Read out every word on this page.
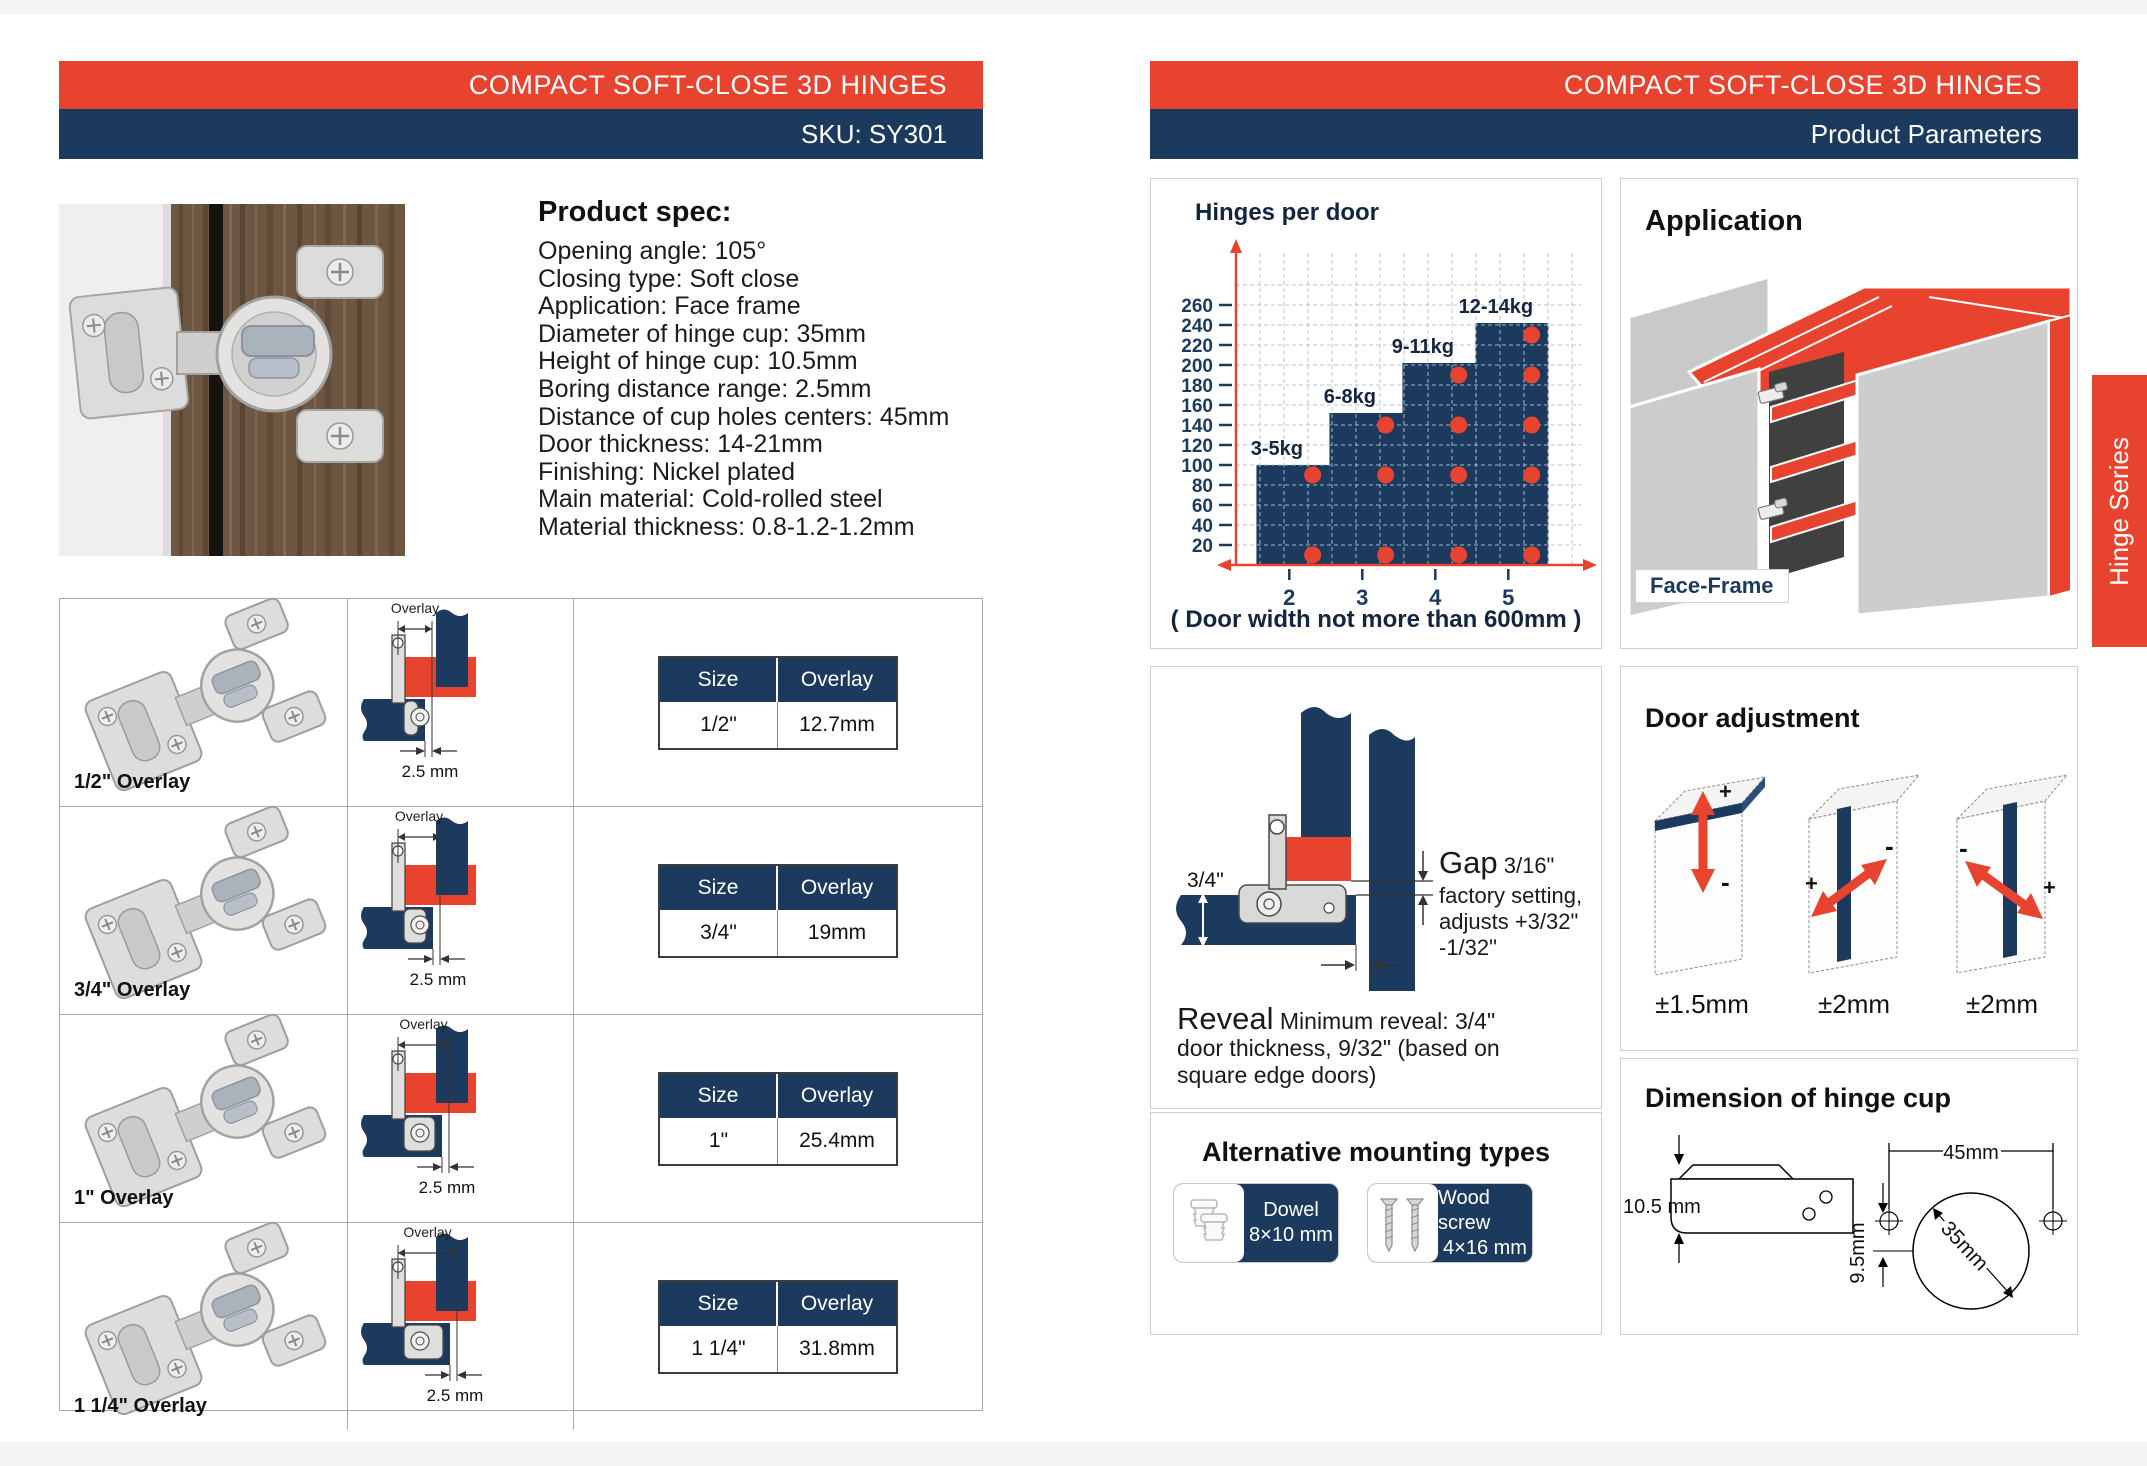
COMPACT SOFT-CLOSE 3D HINGES
SKU: SY301
Product spec:
Opening angle: 105°
Closing type: Soft close
Application: Face frame
Diameter of hinge cup: 35mm
Height of hinge cup: 10.5mm
Boring distance range: 2.5mm
Distance of cup holes centers: 45mm
Door thickness: 14-21mm
Finishing: Nickel plated
Main material: Cold-rolled steel
Material thickness: 0.8-1.2-1.2mm
1/2" Overlay
Overlay
2.5 mm
Size	Overlay
1/2"	12.7mm
3/4" Overlay
Overlay
2.5 mm
Size	Overlay
3/4"	19mm
1" Overlay
Overlay
2.5 mm
Size	Overlay
1"	25.4mm
1 1/4" Overlay
Overlay
2.5 mm
Size	Overlay
1 1/4"	31.8mm
COMPACT SOFT-CLOSE 3D HINGES
Product Parameters
Hinges per door
20
40
60
80
100
120
140
160
180
200
220
240
260
2	3	4	5
3-5kg
6-8kg
9-11kg
12-14kg
( Door width not more than 600mm )
Application
Face-Frame
3/4"
Gap 3/16"
factory setting,
adjusts +3/32"
-1/32"
Reveal Minimum reveal: 3/4" door thickness, 9/32" (based on square edge doors)
Alternative mounting types
Dowel
8×10 mm
Wood screw
4×16 mm
Door adjustment
+
-	+
-	-
+
±1.5mm	±2mm	±2mm
Dimension of hinge cup
10.5 mm
45mm
35mm
9.5mm
Hinge Series
